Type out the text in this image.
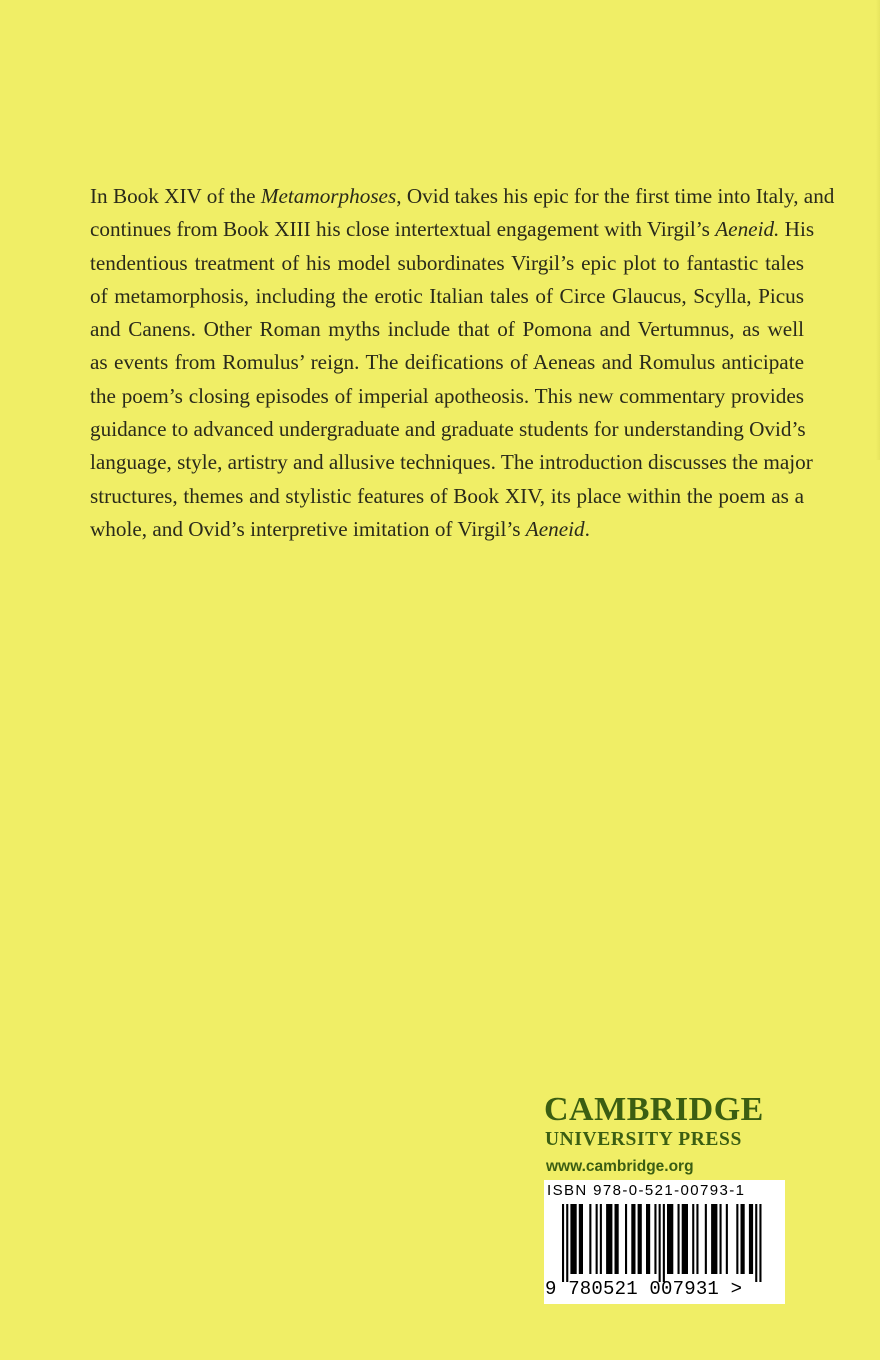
In Book XIV of the Metamorphoses, Ovid takes his epic for the first time into Italy, and
continues from Book XIII his close intertextual engagement with Virgil’s Aeneid. His
tendentious treatment of his model subordinates Virgil’s epic plot to fantastic tales
of metamorphosis, including the erotic Italian tales of Circe Glaucus, Scylla, Picus
and Canens. Other Roman myths include that of Pomona and Vertumnus, as well
as events from Romulus’ reign. The deifications of Aeneas and Romulus anticipate
the poem’s closing episodes of imperial apotheosis. This new commentary provides
guidance to advanced undergraduate and graduate students for understanding Ovid’s
language, style, artistry and allusive techniques. The introduction discusses the major
structures, themes and stylistic features of Book XIV, its place within the poem as a
whole, and Ovid’s interpretive imitation of Virgil’s Aeneid.
CAMBRIDGE
UNIVERSITY PRESS
www.cambridge.org
ISBN 978-0-521-00793-1
9 780521 007931 >
